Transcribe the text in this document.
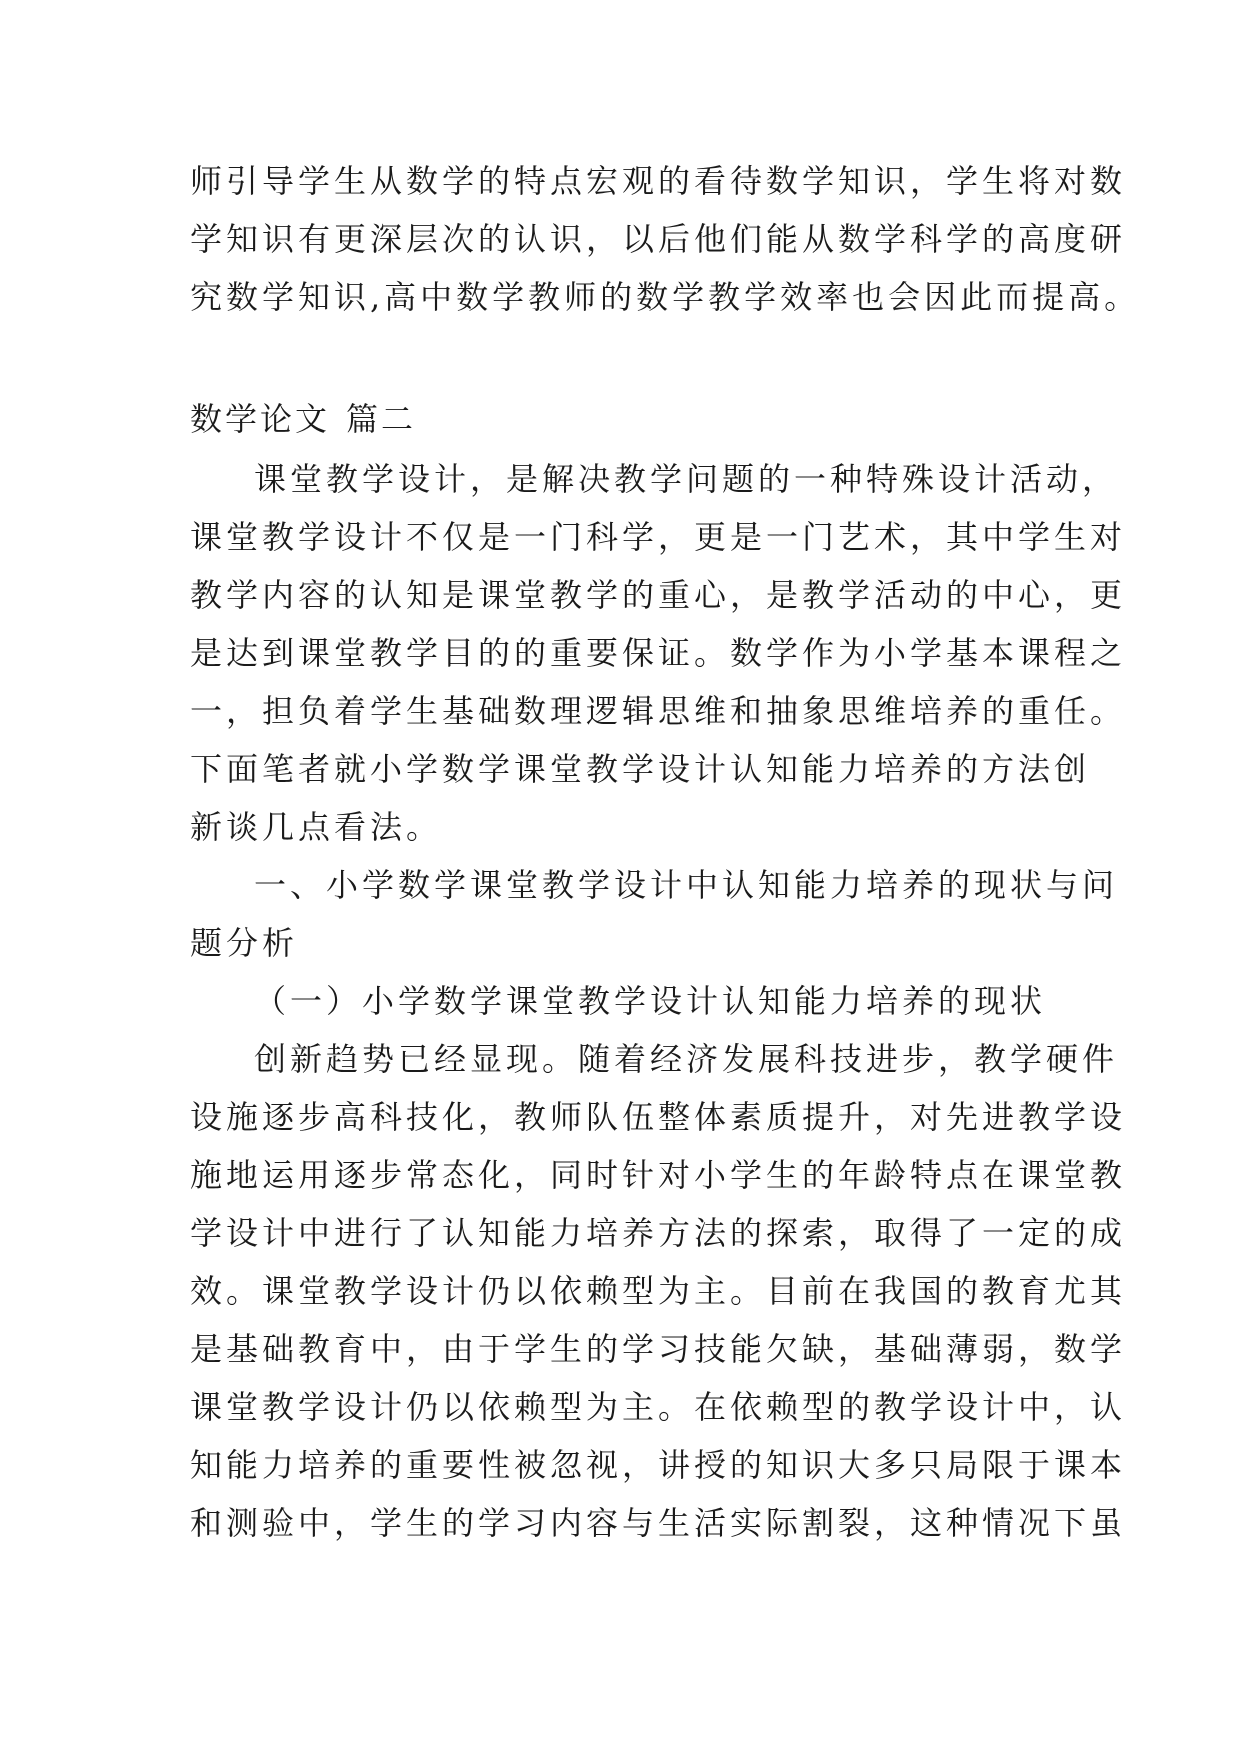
师引导学生从数学的特点宏观的看待数学知识，学生将对数
学知识有更深层次的认识，以后他们能从数学科学的高度研
究数学知识,高中数学教师的数学教学效率也会因此而提高。
数学论文 篇二
课堂教学设计，是解决教学问题的一种特殊设计活动，
课堂教学设计不仅是一门科学，更是一门艺术，其中学生对
教学内容的认知是课堂教学的重心，是教学活动的中心，更
是达到课堂教学目的的重要保证。数学作为小学基本课程之
一，担负着学生基础数理逻辑思维和抽象思维培养的重任。
下面笔者就小学数学课堂教学设计认知能力培养的方法创
新谈几点看法。
一、小学数学课堂教学设计中认知能力培养的现状与问
题分析
（一）小学数学课堂教学设计认知能力培养的现状
创新趋势已经显现。随着经济发展科技进步，教学硬件
设施逐步高科技化，教师队伍整体素质提升，对先进教学设
施地运用逐步常态化，同时针对小学生的年龄特点在课堂教
学设计中进行了认知能力培养方法的探索，取得了一定的成
效。课堂教学设计仍以依赖型为主。目前在我国的教育尤其
是基础教育中，由于学生的学习技能欠缺，基础薄弱，数学
课堂教学设计仍以依赖型为主。在依赖型的教学设计中，认
知能力培养的重要性被忽视，讲授的知识大多只局限于课本
和测验中，学生的学习内容与生活实际割裂，这种情况下虽
